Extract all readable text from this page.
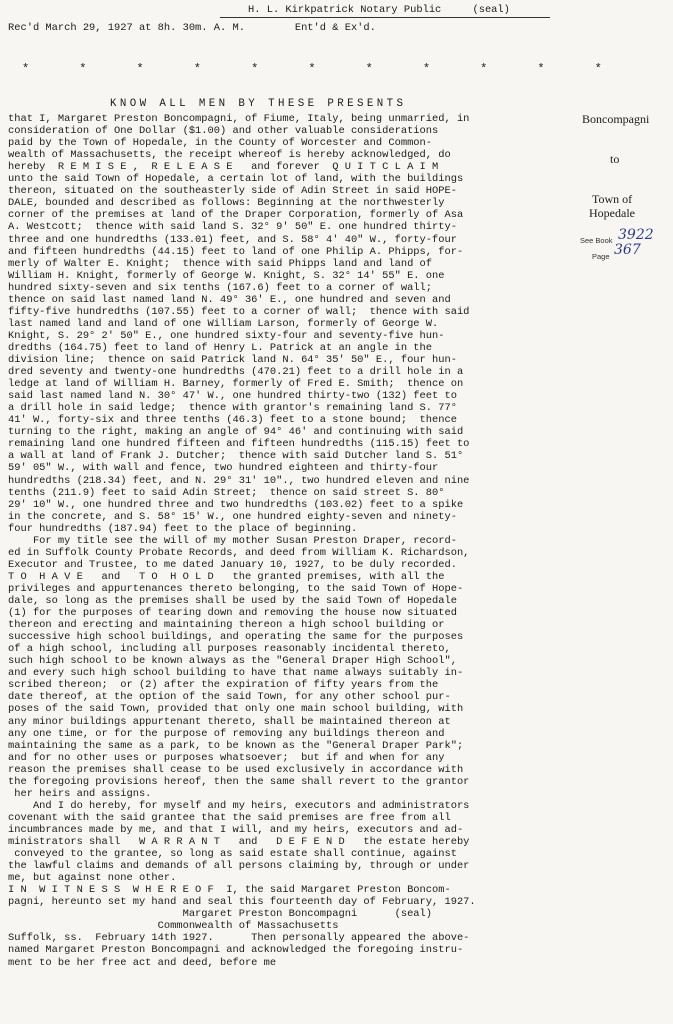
H. L. Kirkpatrick Notary Public     (seal)
Rec'd March 29, 1927 at 8h. 30m. A. M.        Ent'd & Ex'd.
*	*	*	*	*	*	*	*	*	*	*
KNOW ALL MEN BY THESE PRESENTS
that I, Margaret Preston Boncompagni, of Fiume, Italy, being unmarried, in
consideration of One Dollar ($1.00) and other valuable considerations
paid by the Town of Hopedale, in the County of Worcester and Common-
wealth of Massachusetts, the receipt whereof is hereby acknowledged, do
hereby  R E M I S E ,  R E L E A S E   and forever  Q U I T C L A I M
unto the said Town of Hopedale, a certain lot of land, with the buildings
thereon, situated on the southeasterly side of Adin Street in said HOPE-
DALE, bounded and described as follows: Beginning at the northwesterly
corner of the premises at land of the Draper Corporation, formerly of Asa
A. Westcott;  thence with said land S. 32° 9' 50" E. one hundred thirty-
three and one hundredths (133.01) feet, and S. 58° 4' 40" W., forty-four
and fifteen hundredths (44.15) feet to land of one Philip A. Phipps, for-
merly of Walter E. Knight;  thence with said Phipps land and land of
William H. Knight, formerly of George W. Knight, S. 32° 14' 55" E. one
hundred sixty-seven and six tenths (167.6) feet to a corner of wall;
thence on said last named land N. 49° 36' E., one hundred and seven and
fifty-five hundredths (107.55) feet to a corner of wall;  thence with said
last named land and land of one William Larson, formerly of George W.
Knight, S. 29° 2' 50" E., one hundred sixty-four and seventy-five hun-
dredths (164.75) feet to land of Henry L. Patrick at an angle in the
division line;  thence on said Patrick land N. 64° 35' 50" E., four hun-
dred seventy and twenty-one hundredths (470.21) feet to a drill hole in a
ledge at land of William H. Barney, formerly of Fred E. Smith;  thence on
said last named land N. 30° 47' W., one hundred thirty-two (132) feet to
a drill hole in said ledge;  thence with grantor's remaining land S. 77°
41' W., forty-six and three tenths (46.3) feet to a stone bound;  thence
turning to the right, making an angle of 94° 46' and continuing with said
remaining land one hundred fifteen and fifteen hundredths (115.15) feet to
a wall at land of Frank J. Dutcher;  thence with said Dutcher land S. 51°
59' 05" W., with wall and fence, two hundred eighteen and thirty-four
hundredths (218.34) feet, and N. 29° 31' 10"., two hundred eleven and nine
tenths (211.9) feet to said Adin Street;  thence on said street S. 80°
29' 10" W., one hundred three and two hundredths (103.02) feet to a spike
in the concrete, and S. 58° 15' W., one hundred eighty-seven and ninety-
four hundredths (187.94) feet to the place of beginning.
For my title see the will of my mother Susan Preston Draper, record-
ed in Suffolk County Probate Records, and deed from William K. Richardson,
Executor and Trustee, to me dated January 10, 1927, to be duly recorded.
T O  H A V E   and   T O  H O L D   the granted premises, with all the
privileges and appurtenances thereto belonging, to the said Town of Hope-
dale, so long as the premises shall be used by the said Town of Hopedale
(1) for the purposes of tearing down and removing the house now situated
thereon and erecting and maintaining thereon a high school building or
successive high school buildings, and operating the same for the purposes
of a high school, including all purposes reasonably incidental thereto,
such high school to be known always as the "General Draper High School",
and every such high school building to have that name always suitably in-
scribed thereon;  or (2) after the expiration of fifty years from the
date thereof, at the option of the said Town, for any other school pur-
poses of the said Town, provided that only one main school building, with
any minor buildings appurtenant thereto, shall be maintained thereon at
any one time, or for the purpose of removing any buildings thereon and
maintaining the same as a park, to be known as the "General Draper Park";
and for no other uses or purposes whatsoever;  but if and when for any
reason the premises shall cease to be used exclusively in accordance with
the foregoing provisions hereof, then the same shall revert to the grantor
her heirs and assigns.
And I do hereby, for myself and my heirs, executors and administrators
covenant with the said grantee that the said premises are free from all
incumbrances made by me, and that I will, and my heirs, executors and ad-
ministrators shall   W A R R A N T   and   D E F E N D   the estate hereby
conveyed to the grantee, so long as said estate shall continue, against
the lawful claims and demands of all persons claiming by, through or under
me, but against none other.
I N  W I T N E S S  W H E R E O F  I, the said Margaret Preston Boncom-
pagni, hereunto set my hand and seal this fourteenth day of February, 1927.
Margaret Preston Boncompagni      (seal)
Commonwealth of Massachusetts
Suffolk, ss.  February 14th 1927.      Then personally appeared the above-
named Margaret Preston Boncompagni and acknowledged the foregoing instru-
ment to be her free act and deed, before me
Boncompagni
to
Town of
Hopedale
See Book 3922
Page 367
